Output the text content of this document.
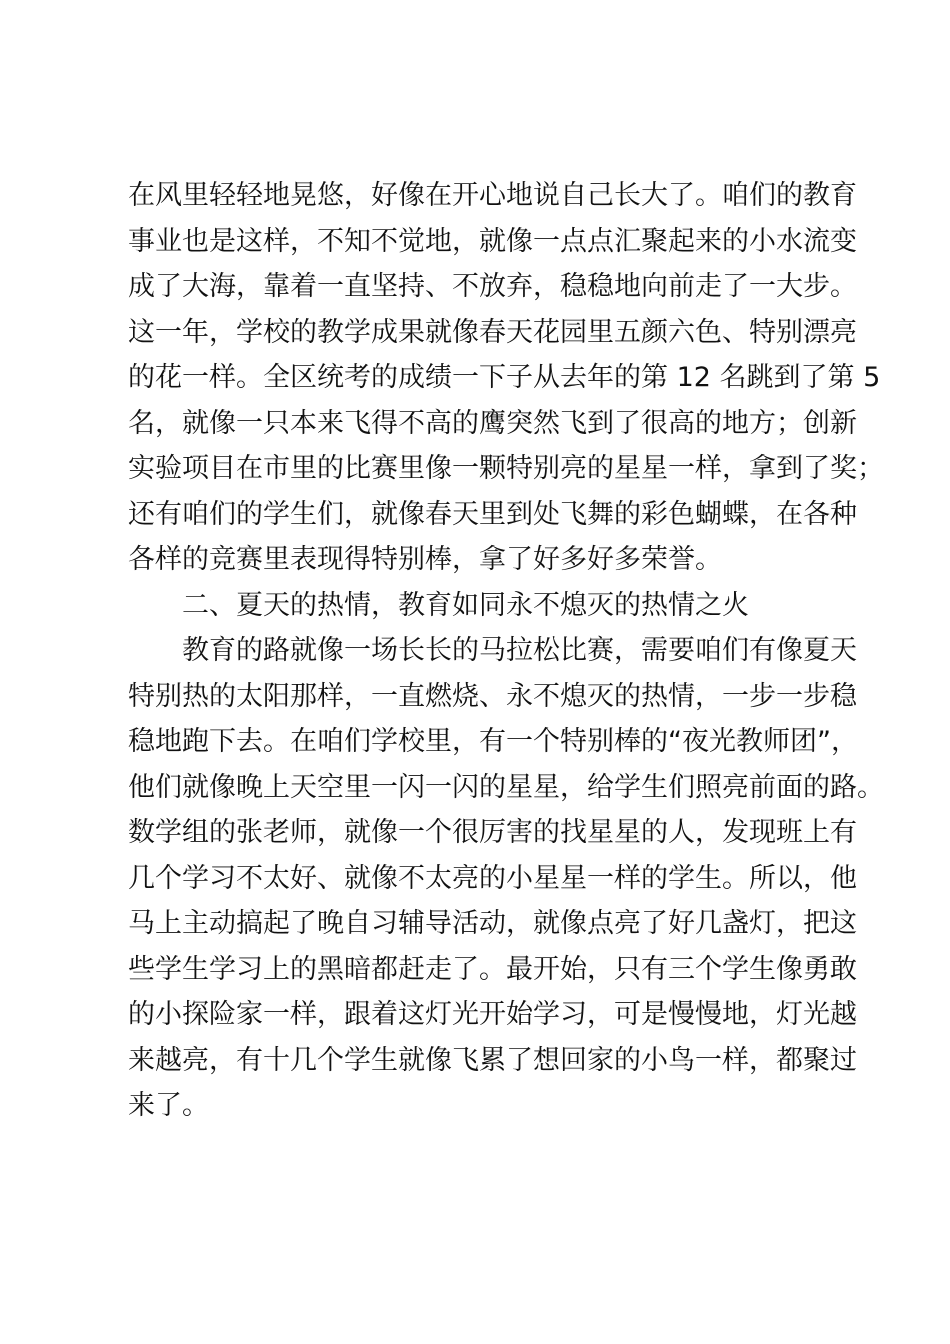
在风里轻轻地晃悠，好像在开心地说自己长大了。咱们的教育
事业也是这样，不知不觉地，就像一点点汇聚起来的小水流变
成了大海，靠着一直坚持、不放弃，稳稳地向前走了一大步。
这一年，学校的教学成果就像春天花园里五颜六色、特别漂亮
的花一样。全区统考的成绩一下子从去年的第 12 名跳到了第 5
名，就像一只本来飞得不高的鹰突然飞到了很高的地方；创新
实验项目在市里的比赛里像一颗特别亮的星星一样，拿到了奖；
还有咱们的学生们，就像春天里到处飞舞的彩色蝴蝶，在各种
各样的竞赛里表现得特别棒，拿了好多好多荣誉。
二、夏天的热情，教育如同永不熄灭的热情之火
教育的路就像一场长长的马拉松比赛，需要咱们有像夏天
特别热的太阳那样，一直燃烧、永不熄灭的热情，一步一步稳
稳地跑下去。在咱们学校里，有一个特别棒的“夜光教师团”，
他们就像晚上天空里一闪一闪的星星，给学生们照亮前面的路。
数学组的张老师，就像一个很厉害的找星星的人，发现班上有
几个学习不太好、就像不太亮的小星星一样的学生。所以，他
马上主动搞起了晚自习辅导活动，就像点亮了好几盏灯，把这
些学生学习上的黑暗都赶走了。最开始，只有三个学生像勇敢
的小探险家一样，跟着这灯光开始学习，可是慢慢地，灯光越
来越亮，有十几个学生就像飞累了想回家的小鸟一样，都聚过
来了。
